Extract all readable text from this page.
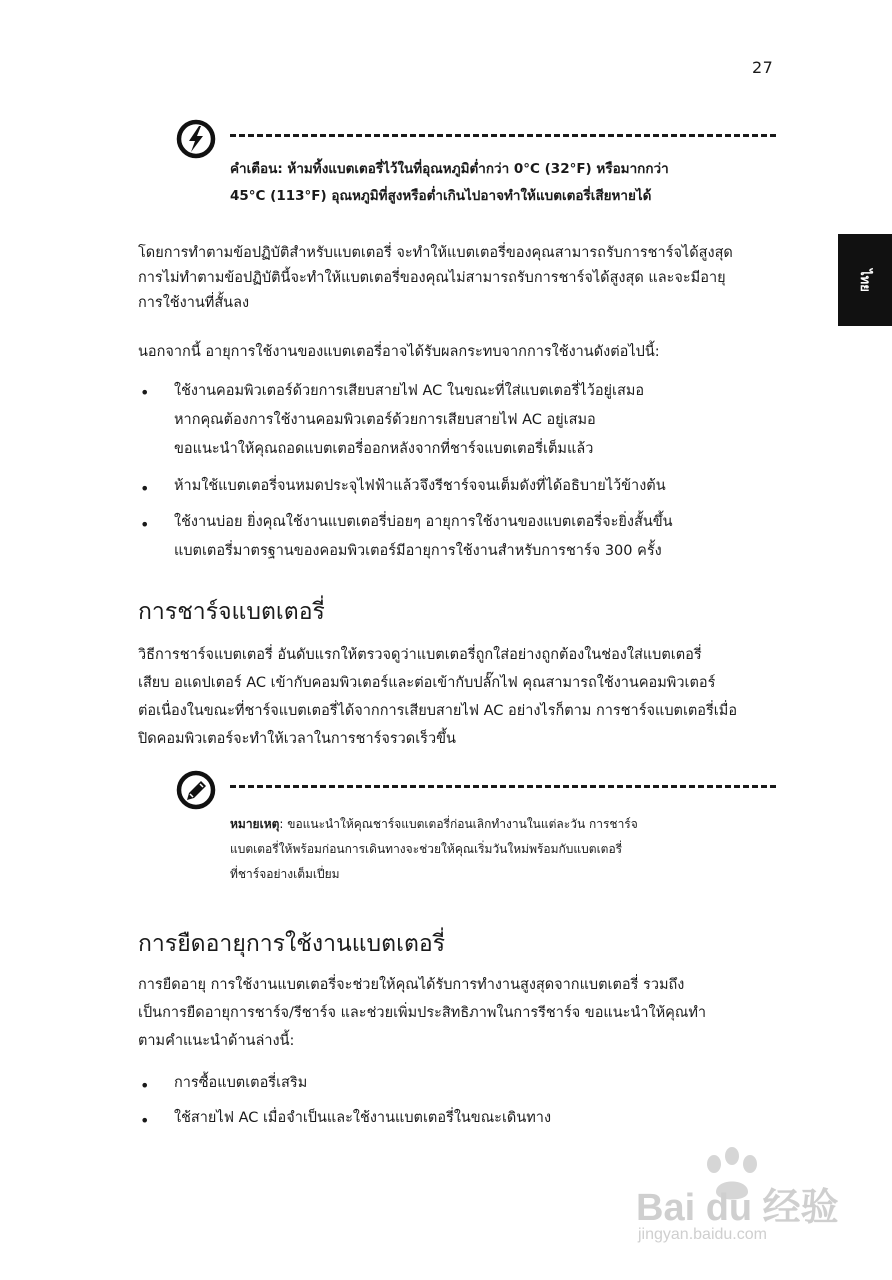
27
ไทย
คำเตือน: ห้ามทิ้งแบตเตอรี่ไว้ในที่อุณหภูมิต่ำกว่า 0°C (32°F) หรือมากกว่า
45°C (113°F) อุณหภูมิที่สูงหรือต่ำเกินไปอาจทำให้แบตเตอรี่เสียหายได้
โดยการทำตามข้อปฏิบัติสำหรับแบตเตอรี่ จะทำให้แบตเตอรี่ของคุณสามารถรับการชาร์จได้สูงสุด
การไม่ทำตามข้อปฏิบัตินี้จะทำให้แบตเตอรี่ของคุณไม่สามารถรับการชาร์จได้สูงสุด และจะมีอายุ
การใช้งานที่สั้นลง
นอกจากนี้ อายุการใช้งานของแบตเตอรี่อาจได้รับผลกระทบจากการใช้งานดังต่อไปนี้:
• ใช้งานคอมพิวเตอร์ด้วยการเสียบสายไฟ AC ในขณะที่ใส่แบตเตอรี่ไว้อยู่เสมอ
หากคุณต้องการใช้งานคอมพิวเตอร์ด้วยการเสียบสายไฟ AC อยู่เสมอ
ขอแนะนำให้คุณถอดแบตเตอรี่ออกหลังจากที่ชาร์จแบตเตอรี่เต็มแล้ว
• ห้ามใช้แบตเตอรี่จนหมดประจุไฟฟ้าแล้วจึงรีชาร์จจนเต็มดังที่ได้อธิบายไว้ข้างต้น
• ใช้งานบ่อย ยิ่งคุณใช้งานแบตเตอรี่บ่อยๆ อายุการใช้งานของแบตเตอรี่จะยิ่งสั้นขึ้น
แบตเตอรี่มาตรฐานของคอมพิวเตอร์มีอายุการใช้งานสำหรับการชาร์จ 300 ครั้ง
การชาร์จแบตเตอรี่
วิธีการชาร์จแบตเตอรี่ อันดับแรกให้ตรวจดูว่าแบตเตอรี่ถูกใส่อย่างถูกต้องในช่องใส่แบตเตอรี่
เสียบ อแดปเตอร์ AC เข้ากับคอมพิวเตอร์และต่อเข้ากับปลั๊กไฟ คุณสามารถใช้งานคอมพิวเตอร์
ต่อเนื่องในขณะที่ชาร์จแบตเตอรี่ได้จากการเสียบสายไฟ AC อย่างไรก็ตาม การชาร์จแบตเตอรี่เมื่อ
ปิดคอมพิวเตอร์จะทำให้เวลาในการชาร์จรวดเร็วขึ้น
หมายเหตุ: ขอแนะนำให้คุณชาร์จแบตเตอรี่ก่อนเลิกทำงานในแต่ละวัน การชาร์จ
แบตเตอรี่ให้พร้อมก่อนการเดินทางจะช่วยให้คุณเริ่มวันใหม่พร้อมกับแบตเตอรี่
ที่ชาร์จอย่างเต็มเปี่ยม
การยืดอายุการใช้งานแบตเตอรี่
การยืดอายุ การใช้งานแบตเตอรี่จะช่วยให้คุณได้รับการทำงานสูงสุดจากแบตเตอรี่ รวมถึง
เป็นการยืดอายุการชาร์จ/รีชาร์จ และช่วยเพิ่มประสิทธิภาพในการรีชาร์จ ขอแนะนำให้คุณทำ
ตามคำแนะนำด้านล่างนี้:
• การซื้อแบตเตอรี่เสริม
• ใช้สายไฟ AC เมื่อจำเป็นและใช้งานแบตเตอรี่ในขณะเดินทาง
Bai du 经验
jingyan.baidu.com
